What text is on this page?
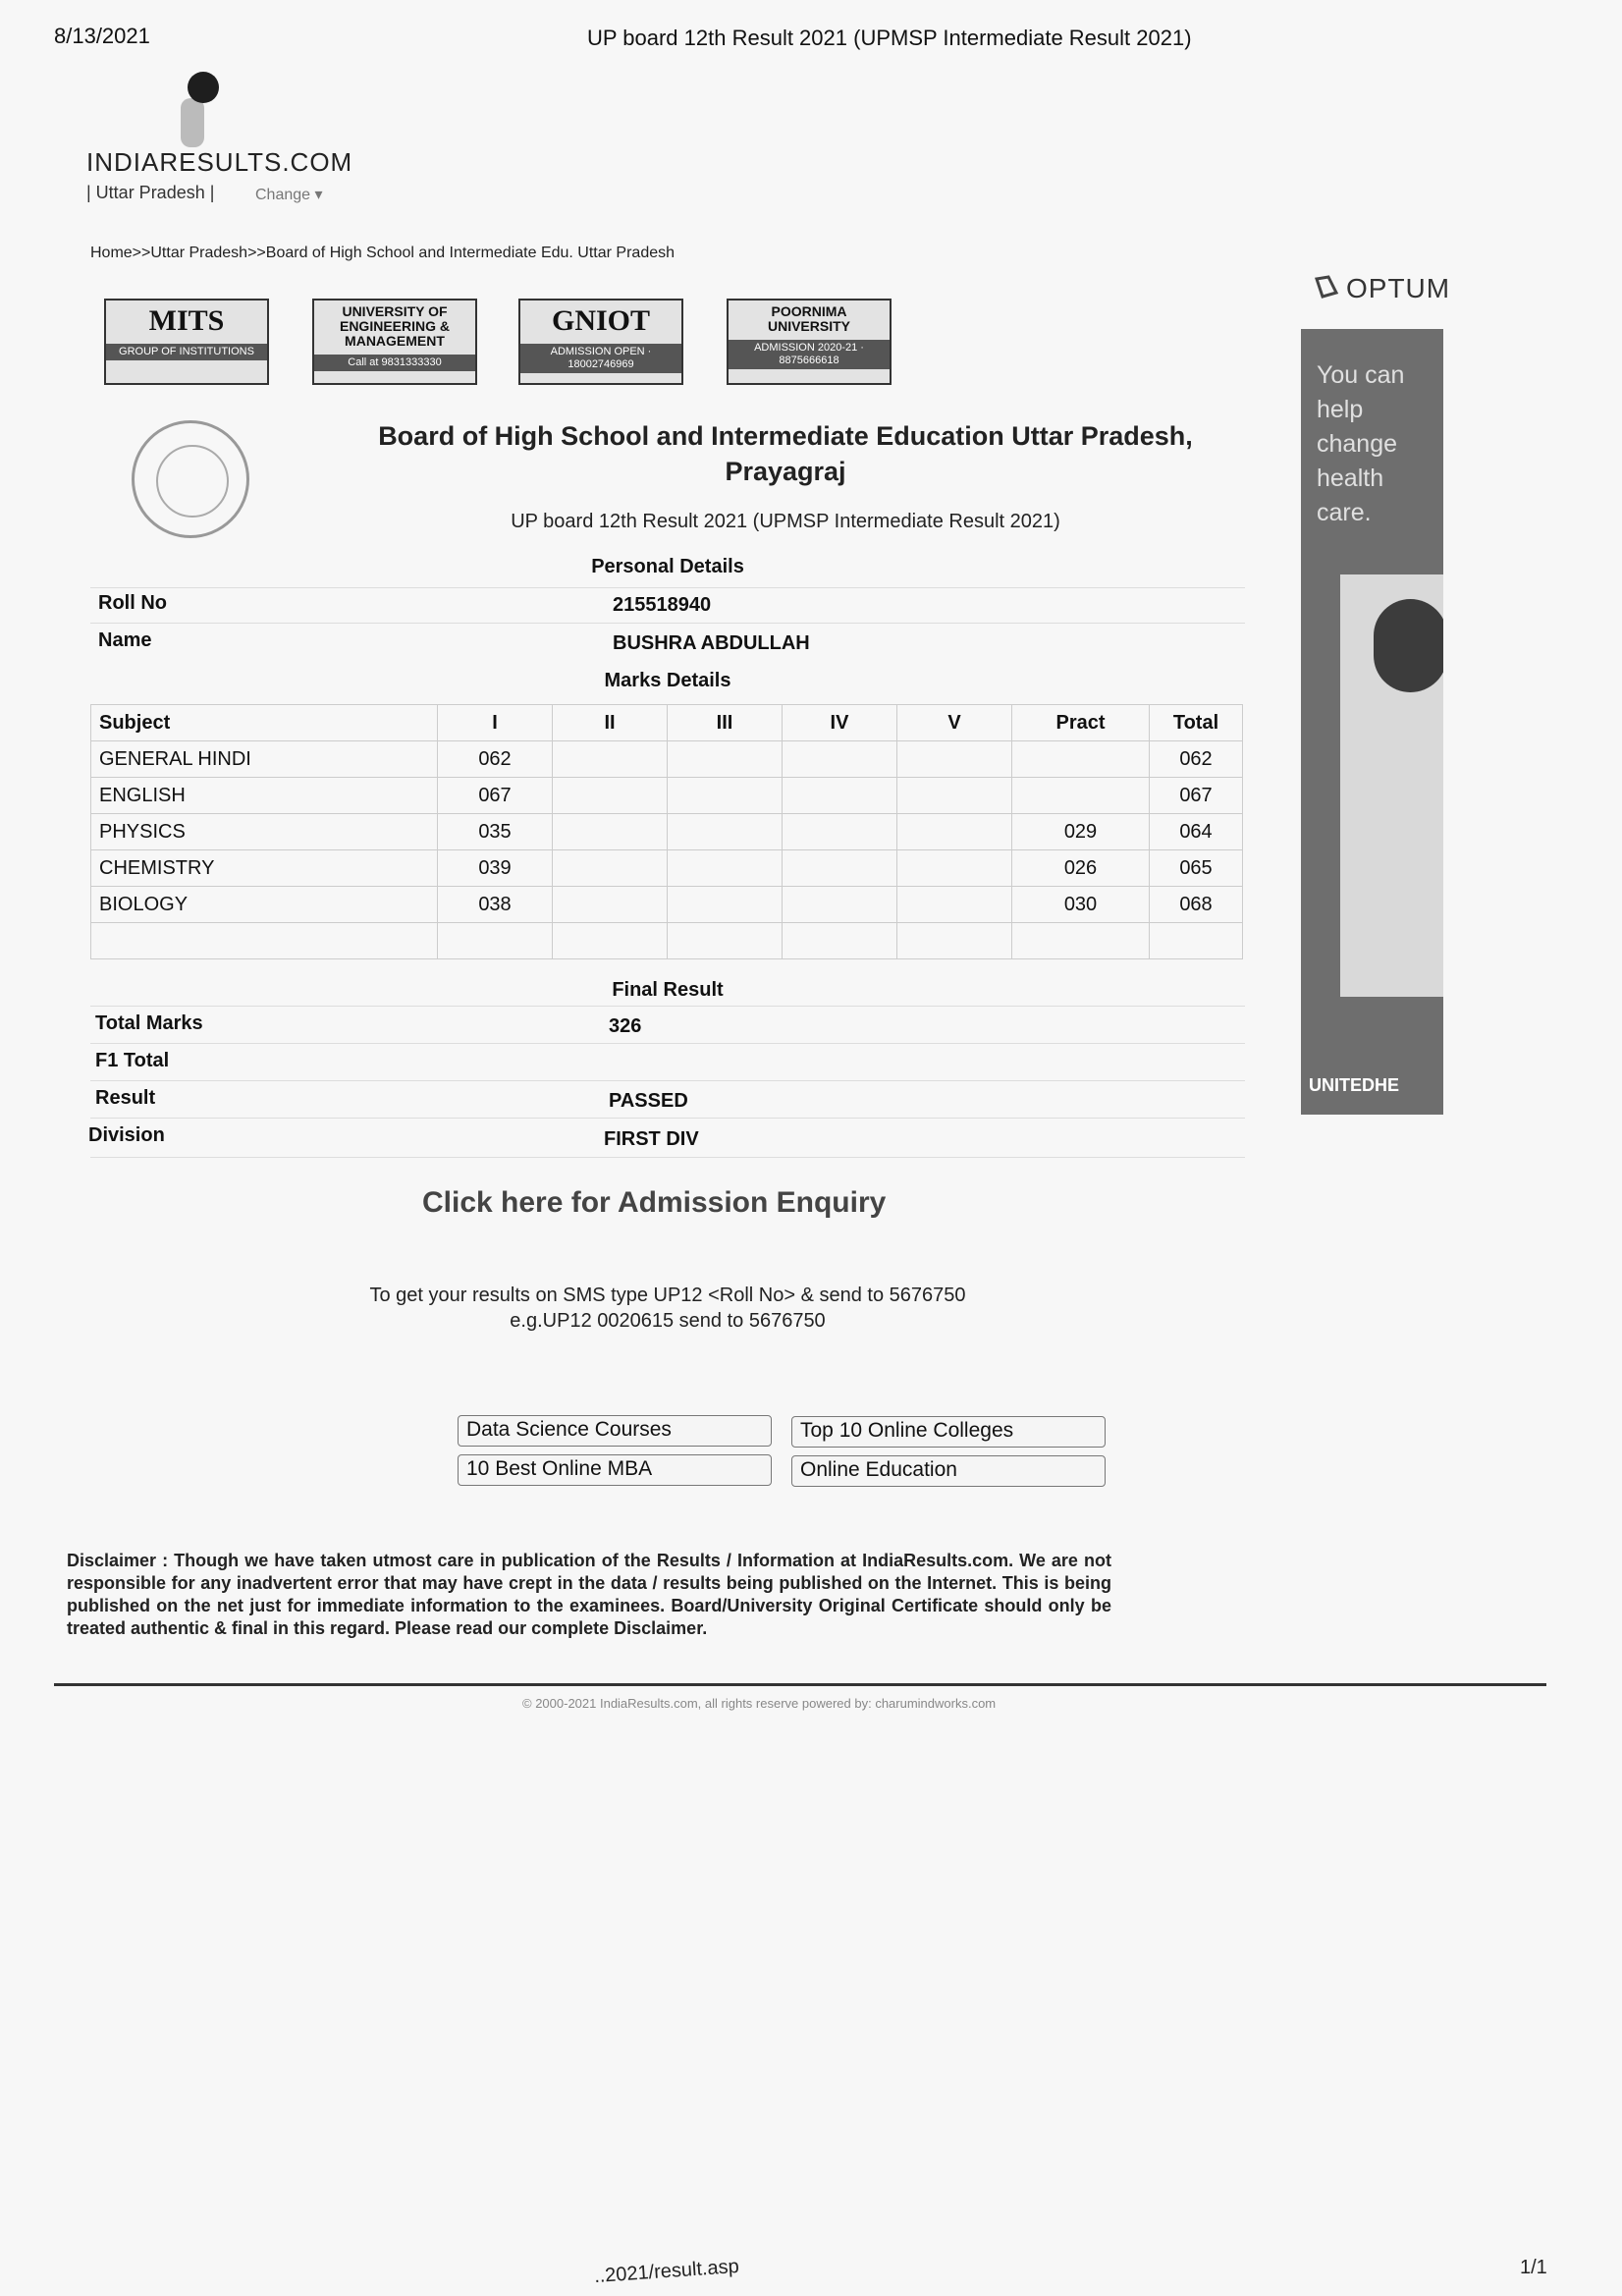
8/13/2021	UP board 12th Result 2021 (UPMSP Intermediate Result 2021)
INDIARESULTS.COM
| Uttar Pradesh |	Change ▾
Home>>Uttar Pradesh>>Board of High School and Intermediate Edu. Uttar Pradesh
MITS
GROUP OF INSTITUTIONS
UNIVERSITY OF ENGINEERING & MANAGEMENT
Call at 9831333330
GNIOT
ADMISSION OPEN · 18002746969
POORNIMA UNIVERSITY
ADMISSION 2020-21 · 8875666618
Board of High School and Intermediate Education Uttar Pradesh,
Prayagraj
UP board 12th Result 2021 (UPMSP Intermediate Result 2021)
Personal Details
Roll No	215518940
Name	BUSHRA ABDULLAH
Marks Details
Subject	I	II	III	IV	V	Pract	Total
GENERAL HINDI	062						062
ENGLISH	067						067
PHYSICS	035					029	064
CHEMISTRY	039					026	065
BIOLOGY	038					030	068

Final Result
Total Marks	326
F1 Total
Result	PASSED
Division	FIRST DIV
Click here for Admission Enquiry
To get your results on SMS type UP12 <Roll No> & send to 5676750
e.g.UP12 0020615 send to 5676750
Data Science Courses	Top 10 Online Colleges
10 Best Online MBA	Online Education
Disclaimer : Though we have taken utmost care in publication of the Results / Information at IndiaResults.com. We are not responsible for any inadvertent error that may have crept in the data / results being published on the Internet. This is being published on the net just for immediate information to the examinees. Board/University Original Certificate should only be treated authentic & final in this regard. Please read our complete Disclaimer.
© 2000-2021 IndiaResults.com, all rights reserve powered by: charumindworks.com
..2021/result.asp	1/1
OPTUM
You can
help change
health care.
UNITEDHE
